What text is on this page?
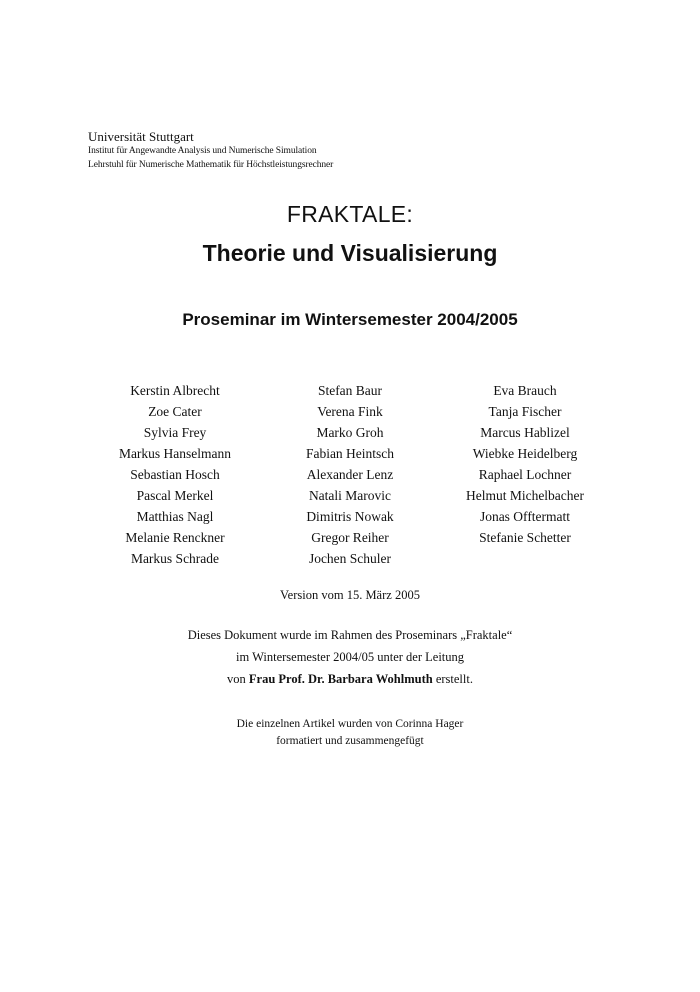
Universität Stuttgart
Institut für Angewandte Analysis und Numerische Simulation
Lehrstuhl für Numerische Mathematik für Höchstleistungsrechner
FRAKTALE:
Theorie und Visualisierung
Proseminar im Wintersemester 2004/2005
Kerstin Albrecht
Zoe Cater
Sylvia Frey
Markus Hanselmann
Sebastian Hosch
Pascal Merkel
Matthias Nagl
Melanie Renckner
Markus Schrade
Stefan Baur
Verena Fink
Marko Groh
Fabian Heintsch
Alexander Lenz
Natali Marovic
Dimitris Nowak
Gregor Reiher
Jochen Schuler
Eva Brauch
Tanja Fischer
Marcus Hablizel
Wiebke Heidelberg
Raphael Lochner
Helmut Michelbacher
Jonas Offtermatt
Stefanie Schetter
Version vom 15. März 2005
Dieses Dokument wurde im Rahmen des Proseminars „Fraktale“
im Wintersemester 2004/05 unter der Leitung
von Frau Prof. Dr. Barbara Wohlmuth erstellt.
Die einzelnen Artikel wurden von Corinna Hager
formatiert und zusammengefügt
